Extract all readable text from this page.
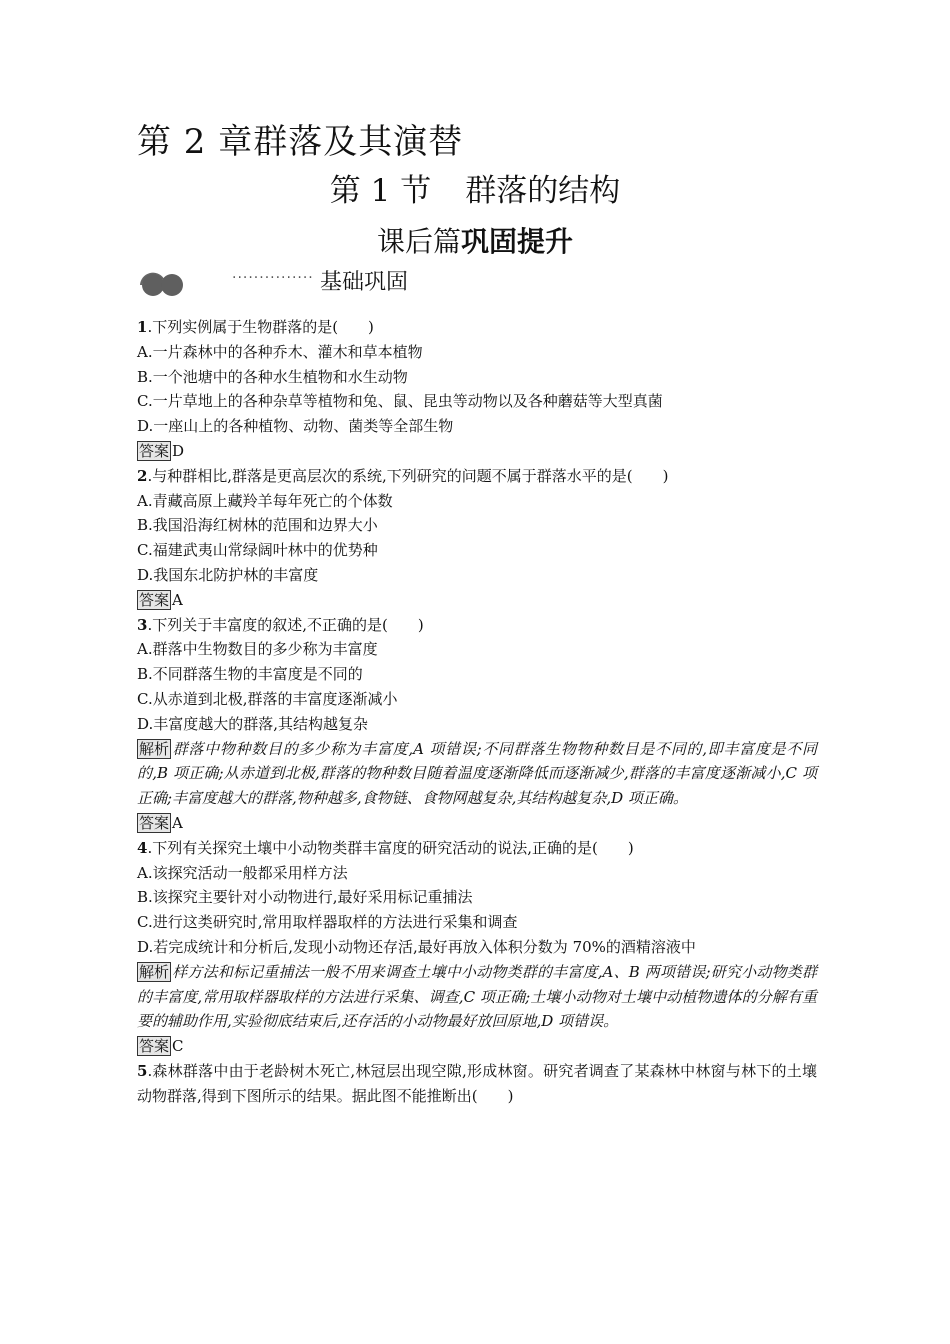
第 2 章群落及其演替
第 1 节 群落的结构
课后篇巩固提升
··············· 基础巩固
1.下列实例属于生物群落的是(　　)
A.一片森林中的各种乔木、灌木和草本植物
B.一个池塘中的各种水生植物和水生动物
C.一片草地上的各种杂草等植物和兔、鼠、昆虫等动物以及各种蘑菇等大型真菌
D.一座山上的各种植物、动物、菌类等全部生物
答案 D
2.与种群相比,群落是更高层次的系统,下列研究的问题不属于群落水平的是(　　)
A.青藏高原上藏羚羊每年死亡的个体数
B.我国沿海红树林的范围和边界大小
C.福建武夷山常绿阔叶林中的优势种
D.我国东北防护林的丰富度
答案 A
3.下列关于丰富度的叙述,不正确的是(　　)
A.群落中生物数目的多少称为丰富度
B.不同群落生物的丰富度是不同的
C.从赤道到北极,群落的丰富度逐渐减小
D.丰富度越大的群落,其结构越复杂
解析 群落中物种数目的多少称为丰富度,A 项错误;不同群落生物物种数目是不同的,即丰富度是不同的,B 项正确;从赤道到北极,群落的物种数目随着温度逐渐降低而逐渐减少,群落的丰富度逐渐减小,C 项正确;丰富度越大的群落,物种越多,食物链、食物网越复杂,其结构越复杂,D 项正确。
答案 A
4.下列有关探究土壤中小动物类群丰富度的研究活动的说法,正确的是(　　)
A.该探究活动一般都采用样方法
B.该探究主要针对小动物进行,最好采用标记重捕法
C.进行这类研究时,常用取样器取样的方法进行采集和调查
D.若完成统计和分析后,发现小动物还存活,最好再放入体积分数为 70%的酒精溶液中
解析 样方法和标记重捕法一般不用来调查土壤中小动物类群的丰富度,A、B 两项错误;研究小动物类群的丰富度,常用取样器取样的方法进行采集、调查,C 项正确;土壤小动物对土壤中动植物遗体的分解有重要的辅助作用,实验彻底结束后,还存活的小动物最好放回原地,D 项错误。
答案 C
5.森林群落中由于老龄树木死亡,林冠层出现空隙,形成林窗。研究者调查了某森林中林窗与林下的土壤动物群落,得到下图所示的结果。据此图不能推断出(　　)
